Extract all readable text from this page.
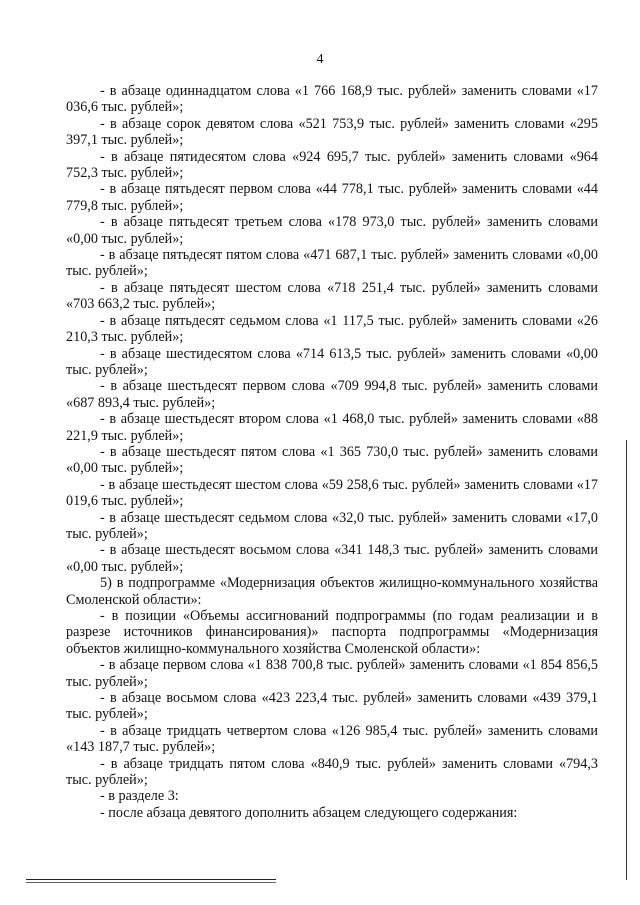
4

- в абзаце одиннадцатом слова «1 766 168,9 тыс. рублей» заменить словами «17 036,6 тыс. рублей»;

- в абзаце сорок девятом слова «521 753,9 тыс. рублей» заменить словами «295 397,1 тыс. рублей»;

- в абзаце пятидесятом слова «924 695,7 тыс. рублей» заменить словами «964 752,3 тыс. рублей»;

- в абзаце пятьдесят первом слова «44 778,1 тыс. рублей» заменить словами «44 779,8 тыс. рублей»;

- в абзаце пятьдесят третьем слова «178 973,0 тыс. рублей» заменить словами «0,00 тыс. рублей»;

- в абзаце пятьдесят пятом слова «471 687,1 тыс. рублей» заменить словами «0,00 тыс. рублей»;

- в абзаце пятьдесят шестом слова «718 251,4 тыс. рублей» заменить словами «703 663,2 тыс. рублей»;

- в абзаце пятьдесят седьмом слова «1 117,5 тыс. рублей» заменить словами «26 210,3 тыс. рублей»;

- в абзаце шестидесятом слова «714 613,5 тыс. рублей» заменить словами «0,00 тыс. рублей»;

- в абзаце шестьдесят первом слова «709 994,8 тыс. рублей» заменить словами «687 893,4 тыс. рублей»;

- в абзаце шестьдесят втором слова «1 468,0 тыс. рублей» заменить словами «88 221,9 тыс. рублей»;

- в абзаце шестьдесят пятом слова «1 365 730,0 тыс. рублей» заменить словами «0,00 тыс. рублей»;

- в абзаце шестьдесят шестом слова «59 258,6 тыс. рублей» заменить словами «17 019,6 тыс. рублей»;

- в абзаце шестьдесят седьмом слова «32,0 тыс. рублей» заменить словами «17,0 тыс. рублей»;

- в абзаце шестьдесят восьмом слова «341 148,3 тыс. рублей» заменить словами «0,00 тыс. рублей»;

5) в подпрограмме «Модернизация объектов жилищно-коммунального хозяйства Смоленской области»:

- в позиции «Объемы ассигнований подпрограммы (по годам реализации и в разрезе источников финансирования)» паспорта подпрограммы «Модернизация объектов жилищно-коммунального хозяйства Смоленской области»:

- в абзаце первом слова «1 838 700,8 тыс. рублей» заменить словами «1 854 856,5 тыс. рублей»;

- в абзаце восьмом слова «423 223,4 тыс. рублей» заменить словами «439 379,1 тыс. рублей»;

- в абзаце тридцать четвертом слова «126 985,4 тыс. рублей» заменить словами «143 187,7 тыс. рублей»;

- в абзаце тридцать пятом слова «840,9 тыс. рублей» заменить словами «794,3 тыс. рублей»;

- в разделе 3:

- после абзаца девятого дополнить абзацем следующего содержания:
